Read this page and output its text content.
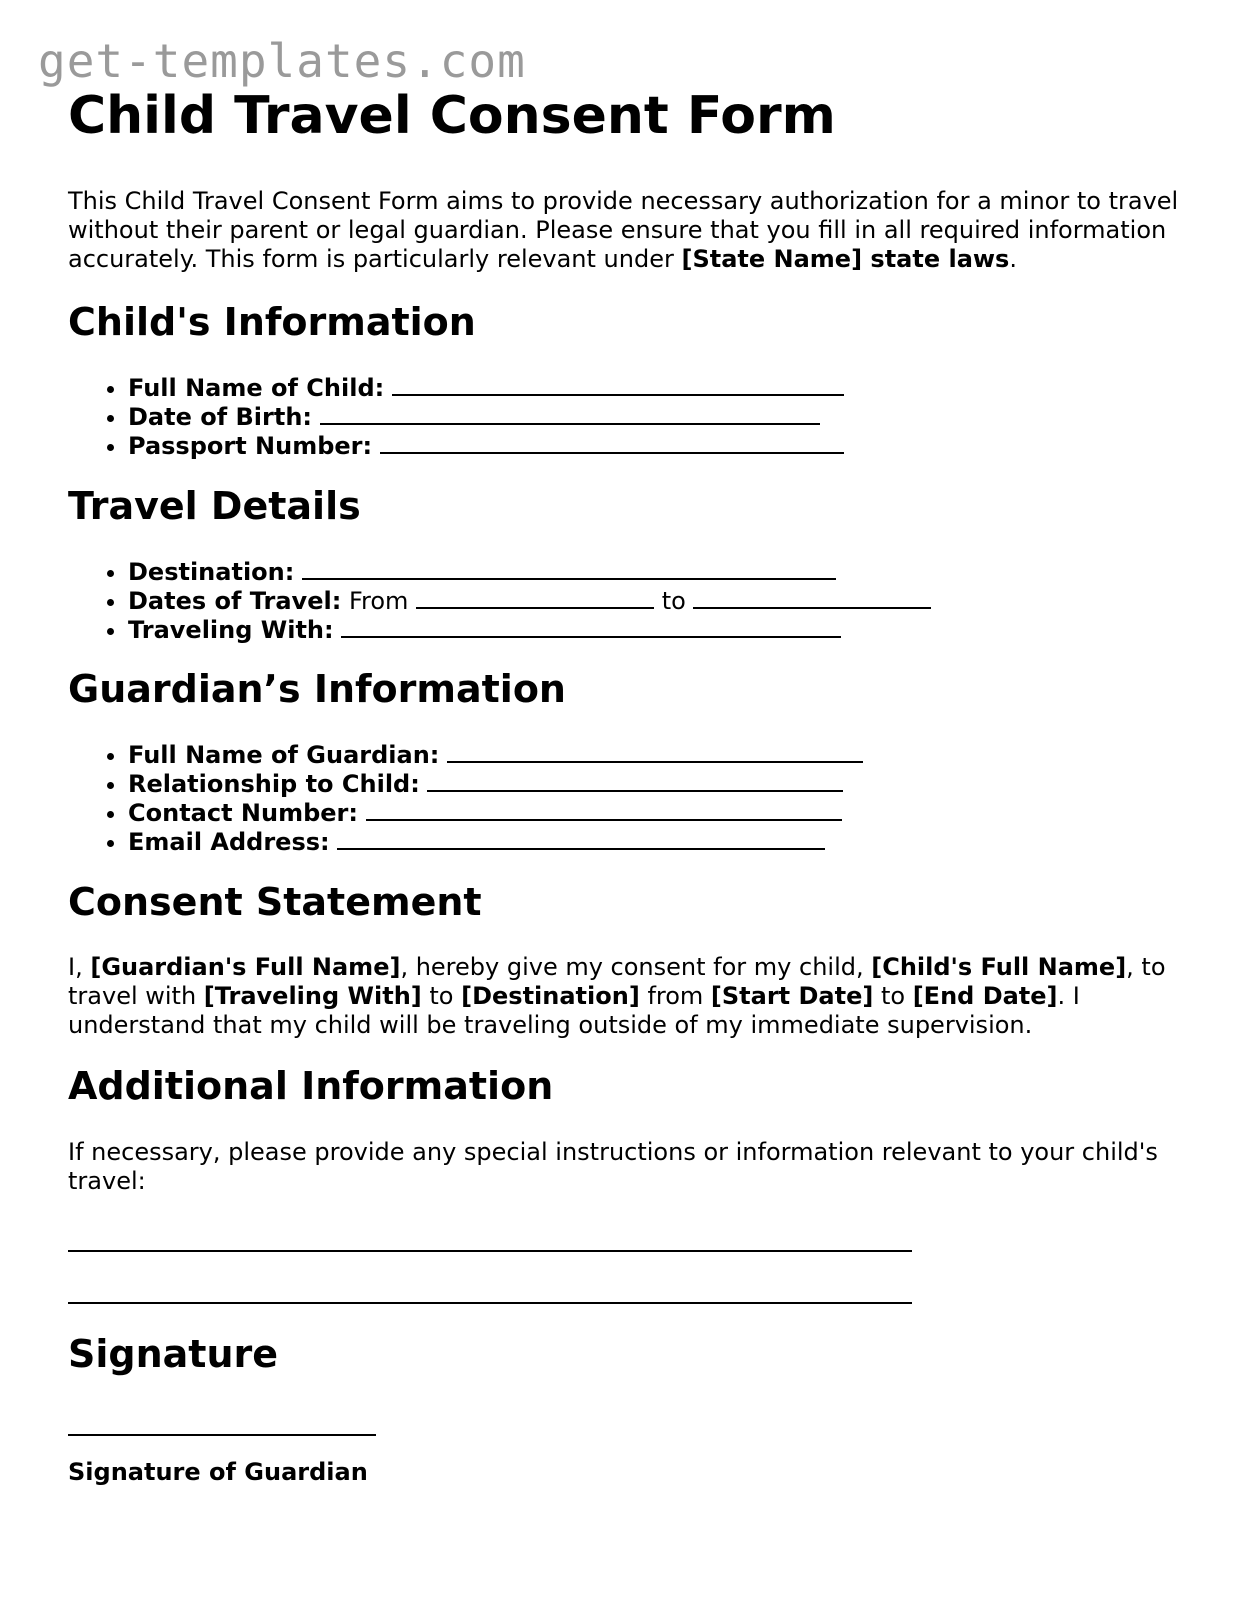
get-templates.com
Child Travel Consent Form

This Child Travel Consent Form aims to provide necessary authorization for a minor to travel without their parent or legal guardian. Please ensure that you fill in all required information accurately. This form is particularly relevant under [State Name] state laws.

Child's Information
• Full Name of Child:
• Date of Birth:
• Passport Number:
Travel Details
• Destination:
• Dates of Travel: From	to
• Traveling With:
Guardian’s Information
• Full Name of Guardian:
• Relationship to Child:
• Contact Number:
• Email Address:
Consent Statement

I, [Guardian's Full Name], hereby give my consent for my child, [Child's Full Name], to travel with [Traveling With] to [Destination] from [Start Date] to [End Date]. I understand that my child will be traveling outside of my immediate supervision.

Additional Information

If necessary, please provide any special instructions or information relevant to your child's travel:

Signature

Signature of Guardian
